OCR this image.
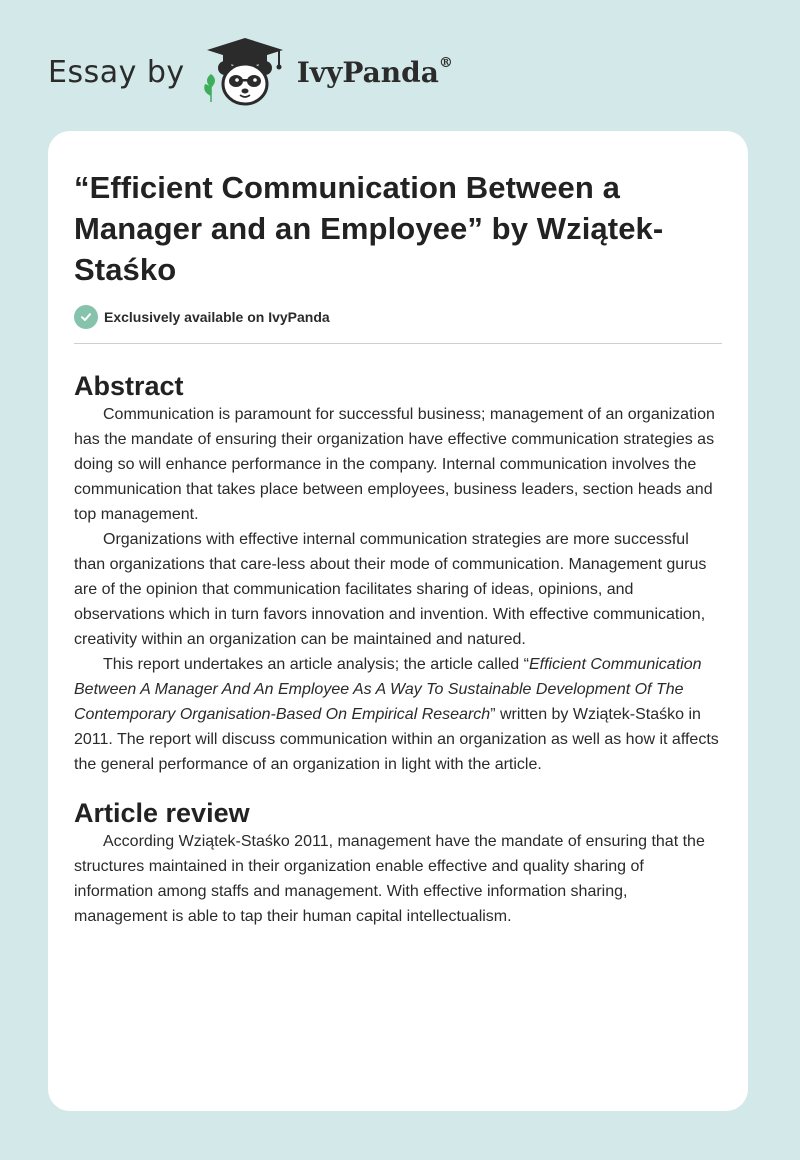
Essay by	IvyPanda®
“Efficient Communication Between a Manager and an Employee” by Wziątek-Staśko
Exclusively available on IvyPanda
Abstract

Communication is paramount for successful business; management of an organization has the mandate of ensuring their organization have effective communication strategies as doing so will enhance performance in the company. Internal communication involves the communication that takes place between employees, business leaders, section heads and top management.

Organizations with effective internal communication strategies are more successful than organizations that care-less about their mode of communication. Management gurus are of the opinion that communication facilitates sharing of ideas, opinions, and observations which in turn favors innovation and invention. With effective communication, creativity within an organization can be maintained and natured.

This report undertakes an article analysis; the article called “Efficient Communication Between A Manager And An Employee As A Way To Sustainable Development Of The Contemporary Organisation-Based On Empirical Research” written by Wziątek-Staśko in 2011. The report will discuss communication within an organization as well as how it affects the general performance of an organization in light with the article.

Article review

According Wziątek-Staśko 2011, management have the mandate of ensuring that the structures maintained in their organization enable effective and quality sharing of information among staffs and management. With effective information sharing, management is able to tap their human capital intellectualism.
